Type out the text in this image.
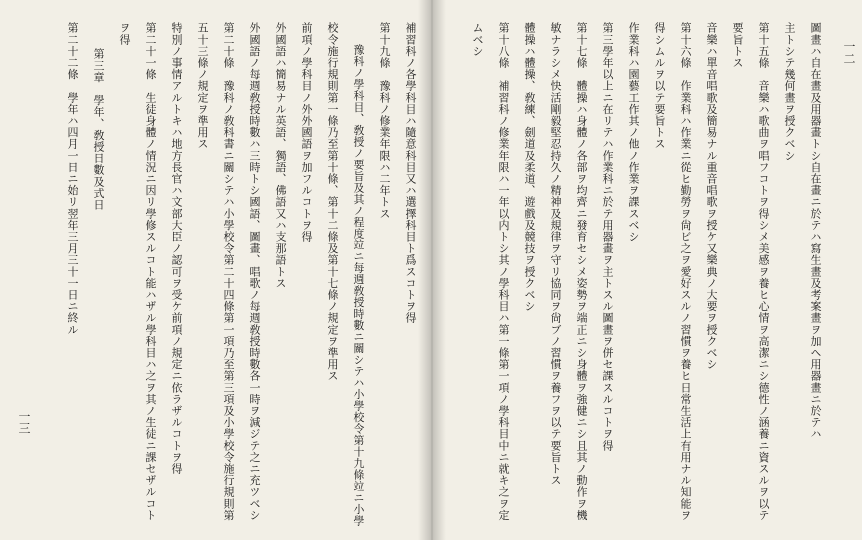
補習科ノ各學科目ハ隨意科目又ハ選擇科目ト爲スコトヲ得
第十九條　豫科ノ修業年限ハ二年トス
豫科ノ學科目、敎授ノ要旨及其ノ程度竝ニ每週敎授時數ニ關シテハ小學校令第十九條竝ニ小學
校令施行規則第一條乃至第十條、第十二條及第十七條ノ規定ヲ準用ス
前項ノ學科目ノ外外國語ヲ加フルコトヲ得
外國語ハ簡易ナル英語、獨語、佛語又ハ支那語トス
外國語ノ每週敎授時數ハ三時トシ國語、圖畫、唱歌ノ每週敎授時數各一時ヲ減ジテ之ニ充ツベシ
第二十條　豫科ノ敎科書ニ關シテハ小學校令第二十四條第一項乃至第三項及小學校令施行規則第
五十三條ノ規定ヲ準用ス
特別ノ事情アルトキハ地方長官ハ文部大臣ノ認可ヲ受ケ前項ノ規定ニ依ラザルコトヲ得
第二十一條　生徒身體ノ情況ニ因リ學修スルコト能ハザル學科目ハ之ヲ其ノ生徒ニ課セザルコト
ヲ得
第三章　學年、敎授日數及式日
第二十二條　學年ハ四月一日ニ始リ翌年三月三十一日ニ終ル
一三
一二
圖畫ハ自在畫及用器畫トシ自在畫ニ於テハ寫生畫及考案畫ヲ加ヘ用器畫ニ於テハ
主トシテ幾何畫ヲ授クベシ
第十五條　音樂ハ歌曲ヲ唱フコトヲ得シメ美感ヲ養ヒ心情ヲ高潔ニシ德性ノ涵養ニ資スルヲ以テ
要旨トス
音樂ハ單音唱歌及簡易ナル重音唱歌ヲ授ケ又樂典ノ大要ヲ授クベシ
第十六條　作業科ハ作業ニ從ヒ勤勞ヲ尙ビ之ヲ愛好スルノ習慣ヲ養ヒ日常生活上有用ナル知能ヲ
得シムルヲ以テ要旨トス
作業科ハ園藝工作其ノ他ノ作業ヲ課スベシ
第三學年以上ニ在リテハ作業科ニ於テ用器畫ヲ主トスル圖畫ヲ併セ課スルコトヲ得
第十七條　體操ハ身體ノ各部ヲ均齊ニ發育セシメ姿勢ヲ端正ニシ身體ヲ強健ニシ且其ノ動作ヲ機
敏ナラシメ快活剛毅堅忍持久ノ精神及規律ヲ守リ協同ヲ尙ブノ習慣ヲ養フヲ以テ要旨トス
體操ハ體操、敎練、劍道及柔道、遊戲及競技ヲ授クベシ
第十八條　補習科ノ修業年限ハ一年以内トシ其ノ學科目ハ第一條第一項ノ學科目中ニ就キ之ヲ定
ムベシ
